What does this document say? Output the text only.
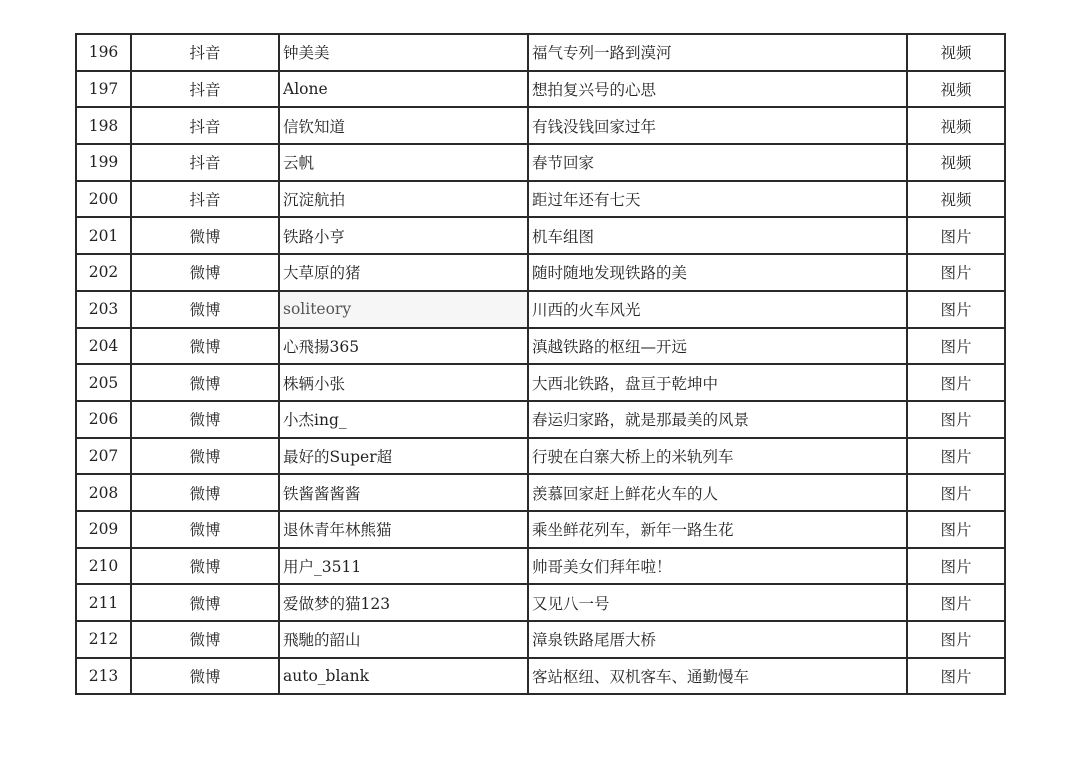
196	抖音	钟美美	福气专列一路到漠河	视频
197	抖音	Alone	想拍复兴号的心思	视频
198	抖音	信钦知道	有钱没钱回家过年	视频
199	抖音	云帆	春节回家	视频
200	抖音	沉淀航拍	距过年还有七天	视频
201	微博	铁路小亨	机车组图	图片
202	微博	大草原的猪	随时随地发现铁路的美	图片
203	微博	soliteory	川西的火车风光	图片
204	微博	心飛揚365	滇越铁路的枢纽—开远	图片
205	微博	株辆小张	大西北铁路，盘亘于乾坤中	图片
206	微博	小杰ing_	春运归家路，就是那最美的风景	图片
207	微博	最好的Super超	行驶在白寨大桥上的米轨列车	图片
208	微博	铁酱酱酱酱	羡慕回家赶上鲜花火车的人	图片
209	微博	退休青年林熊猫	乘坐鲜花列车，新年一路生花	图片
210	微博	用户_3511	帅哥美女们拜年啦！	图片
211	微博	爱做梦的猫123	又见八一号	图片
212	微博	飛馳的韶山	漳泉铁路尾厝大桥	图片
213	微博	auto_blank	客站枢纽、双机客车、通勤慢车	图片
